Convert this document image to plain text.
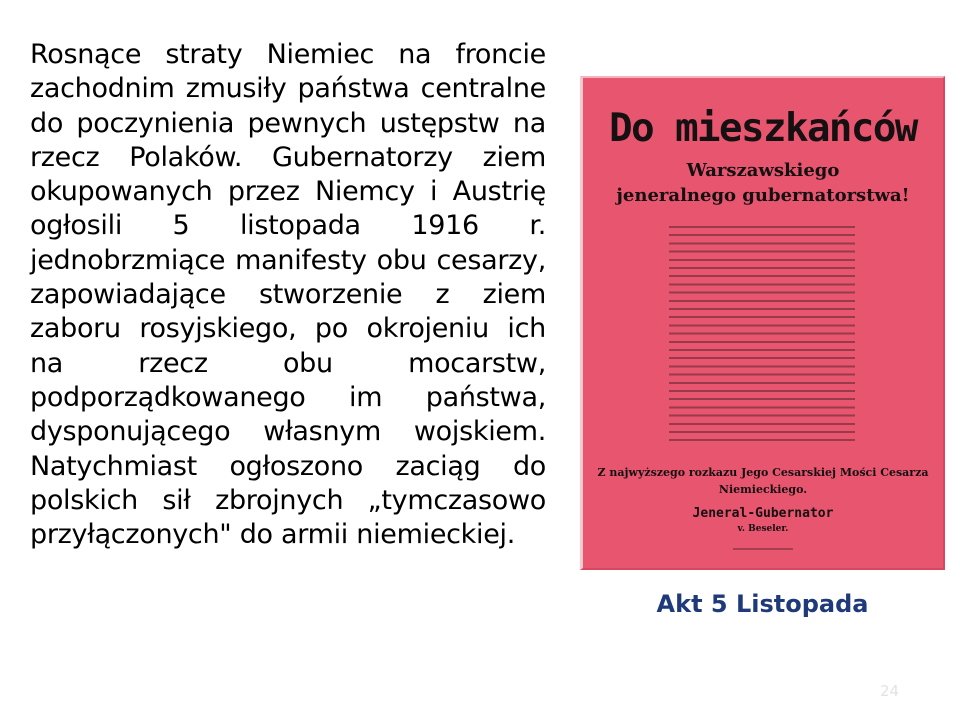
Rosnące straty Niemiec na froncie zachodnim zmusiły państwa centralne do poczynienia pewnych ustępstw na rzecz Polaków. Gubernatorzy ziem okupowanych przez Niemcy i Austrię ogłosili 5 listopada 1916 r. jednobrzmiące manifesty obu cesarzy, zapowiadające stworzenie z ziem zaboru rosyjskiego, po okrojeniu ich na rzecz obu mocarstw, podporządkowanego im państwa, dysponującego własnym wojskiem. Natychmiast ogłoszono zaciąg do polskich sił zbrojnych „tymczasowo przyłączonych" do armii niemieckiej.
Do mieszkańców
Warszawskiego
jeneralnego gubernatorstwa!
Z najwyższego rozkazu Jego Cesarskiej Mości Cesarza
Niemieckiego.
Jeneral-Gubernator
v. Beseler.
Akt 5 Listopada
24
